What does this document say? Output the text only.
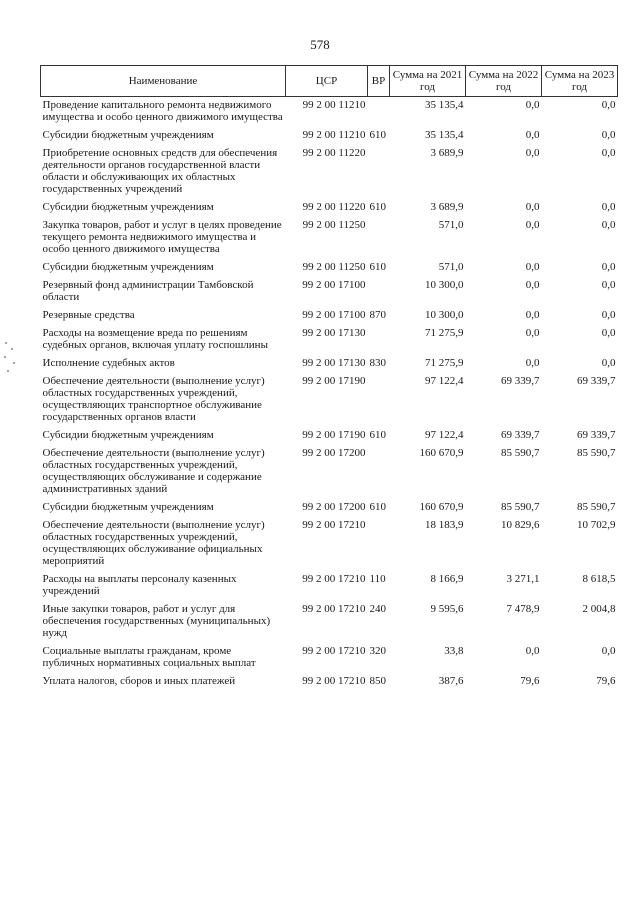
578
Наименование	ЦСР	ВР	Сумма на 2021 год	Сумма на 2022 год	Сумма на 2023 год
Проведение капитального ремонта недвижимого имущества и особо ценного движимого имущества	99 2 00 11210		35 135,4	0,0	0,0
Субсидии бюджетным учреждениям	99 2 00 11210	610	35 135,4	0,0	0,0
Приобретение основных средств для обеспечения деятельности органов государственной власти области и обслуживающих их областных государственных учреждений	99 2 00 11220		3 689,9	0,0	0,0
Субсидии бюджетным учреждениям	99 2 00 11220	610	3 689,9	0,0	0,0
Закупка товаров, работ и услуг в целях проведение текущего ремонта недвижимого имущества и особо ценного движимого имущества	99 2 00 11250		571,0	0,0	0,0
Субсидии бюджетным учреждениям	99 2 00 11250	610	571,0	0,0	0,0
Резервный фонд администрации Тамбовской области	99 2 00 17100		10 300,0	0,0	0,0
Резервные средства	99 2 00 17100	870	10 300,0	0,0	0,0
Расходы на возмещение вреда по решениям судебных органов, включая уплату госпошлины	99 2 00 17130		71 275,9	0,0	0,0
Исполнение судебных актов	99 2 00 17130	830	71 275,9	0,0	0,0
Обеспечение деятельности (выполнение услуг) областных государственных учреждений, осуществляющих транспортное обслуживание государственных органов власти	99 2 00 17190		97 122,4	69 339,7	69 339,7
Субсидии бюджетным учреждениям	99 2 00 17190	610	97 122,4	69 339,7	69 339,7
Обеспечение деятельности (выполнение услуг) областных государственных учреждений, осуществляющих обслуживание и содержание административных зданий	99 2 00 17200		160 670,9	85 590,7	85 590,7
Субсидии бюджетным учреждениям	99 2 00 17200	610	160 670,9	85 590,7	85 590,7
Обеспечение деятельности (выполнение услуг) областных государственных учреждений, осуществляющих обслуживание официальных мероприятий	99 2 00 17210		18 183,9	10 829,6	10 702,9
Расходы на выплаты персоналу казенных учреждений	99 2 00 17210	110	8 166,9	3 271,1	8 618,5
Иные закупки товаров, работ и услуг для обеспечения государственных (муниципальных) нужд	99 2 00 17210	240	9 595,6	7 478,9	2 004,8
Социальные выплаты гражданам, кроме публичных нормативных социальных выплат	99 2 00 17210	320	33,8	0,0	0,0
Уплата налогов, сборов и иных платежей	99 2 00 17210	850	387,6	79,6	79,6
